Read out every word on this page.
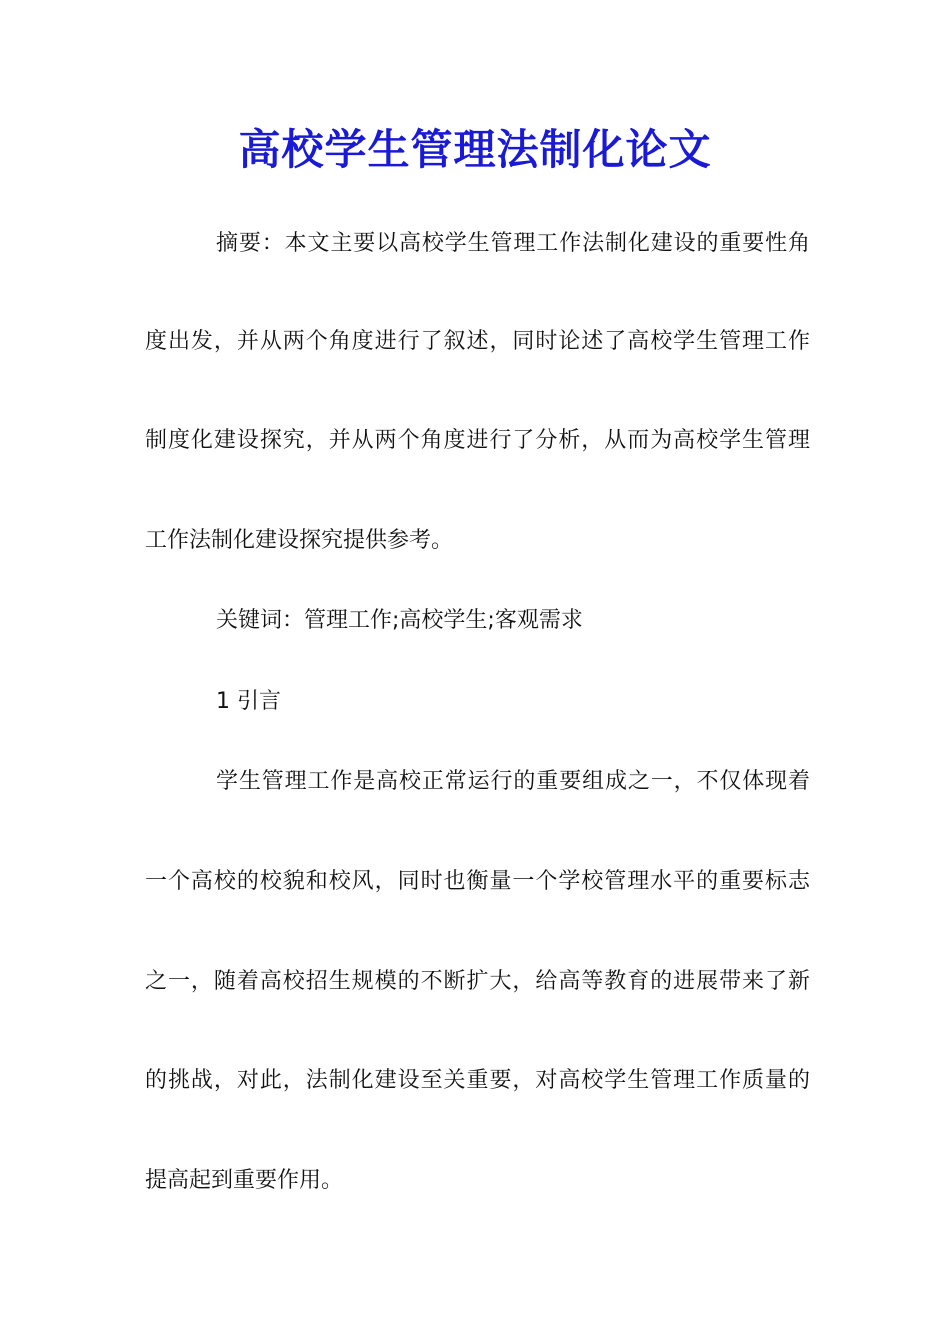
高校学生管理法制化论文

摘要：本文主要以高校学生管理工作法制化建设的重要性角

度出发，并从两个角度进行了叙述，同时论述了高校学生管理工作

制度化建设探究，并从两个角度进行了分析，从而为高校学生管理

工作法制化建设探究提供参考。

关键词：管理工作;高校学生;客观需求

1 引言

学生管理工作是高校正常运行的重要组成之一，不仅体现着

一个高校的校貌和校风，同时也衡量一个学校管理水平的重要标志

之一，随着高校招生规模的不断扩大，给高等教育的进展带来了新

的挑战，对此，法制化建设至关重要，对高校学生管理工作质量的

提高起到重要作用。
